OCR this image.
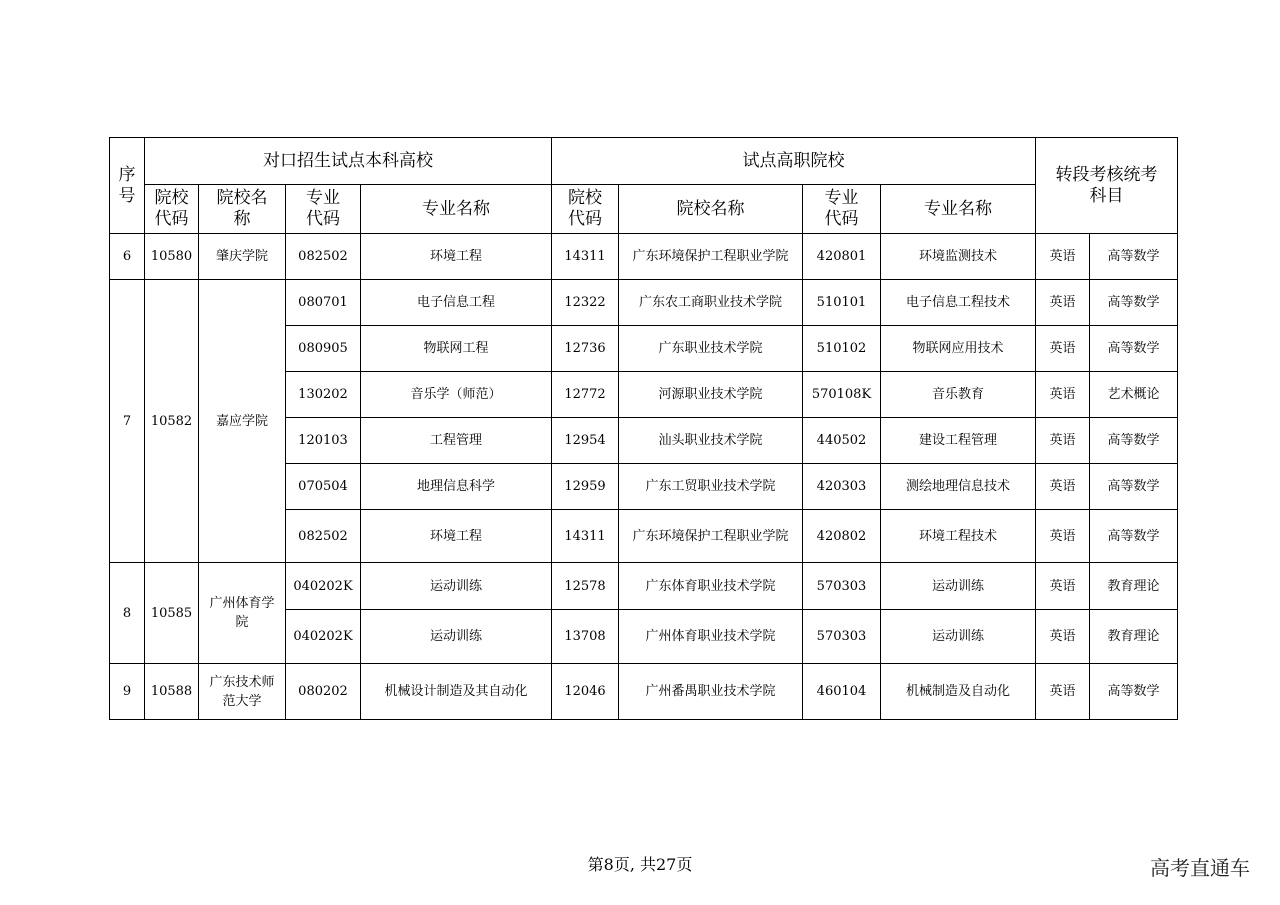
序号	对口招生试点本科高校				试点高职院校				转段考核统考科目	
	院校代码	院校名称	专业代码	专业名称	院校代码	院校名称	专业代码	专业名称		
6	10580	肇庆学院	082502	环境工程	14311	广东环境保护工程职业学院	420801	环境监测技术	英语	高等数学
7	10582	嘉应学院	080701	电子信息工程	12322	广东农工商职业技术学院	510101	电子信息工程技术	英语	高等数学
			080905	物联网工程	12736	广东职业技术学院	510102	物联网应用技术	英语	高等数学
			130202	音乐学（师范）	12772	河源职业技术学院	570108K	音乐教育	英语	艺术概论
			120103	工程管理	12954	汕头职业技术学院	440502	建设工程管理	英语	高等数学
			070504	地理信息科学	12959	广东工贸职业技术学院	420303	测绘地理信息技术	英语	高等数学
			082502	环境工程	14311	广东环境保护工程职业学院	420802	环境工程技术	英语	高等数学
8	10585	广州体育学院	040202K	运动训练	12578	广东体育职业技术学院	570303	运动训练	英语	教育理论
			040202K	运动训练	13708	广州体育职业技术学院	570303	运动训练	英语	教育理论
9	10588	广东技术师范大学	080202	机械设计制造及其自动化	12046	广州番禺职业技术学院	460104	机械制造及自动化	英语	高等数学
第8页, 共27页	高考直通车
